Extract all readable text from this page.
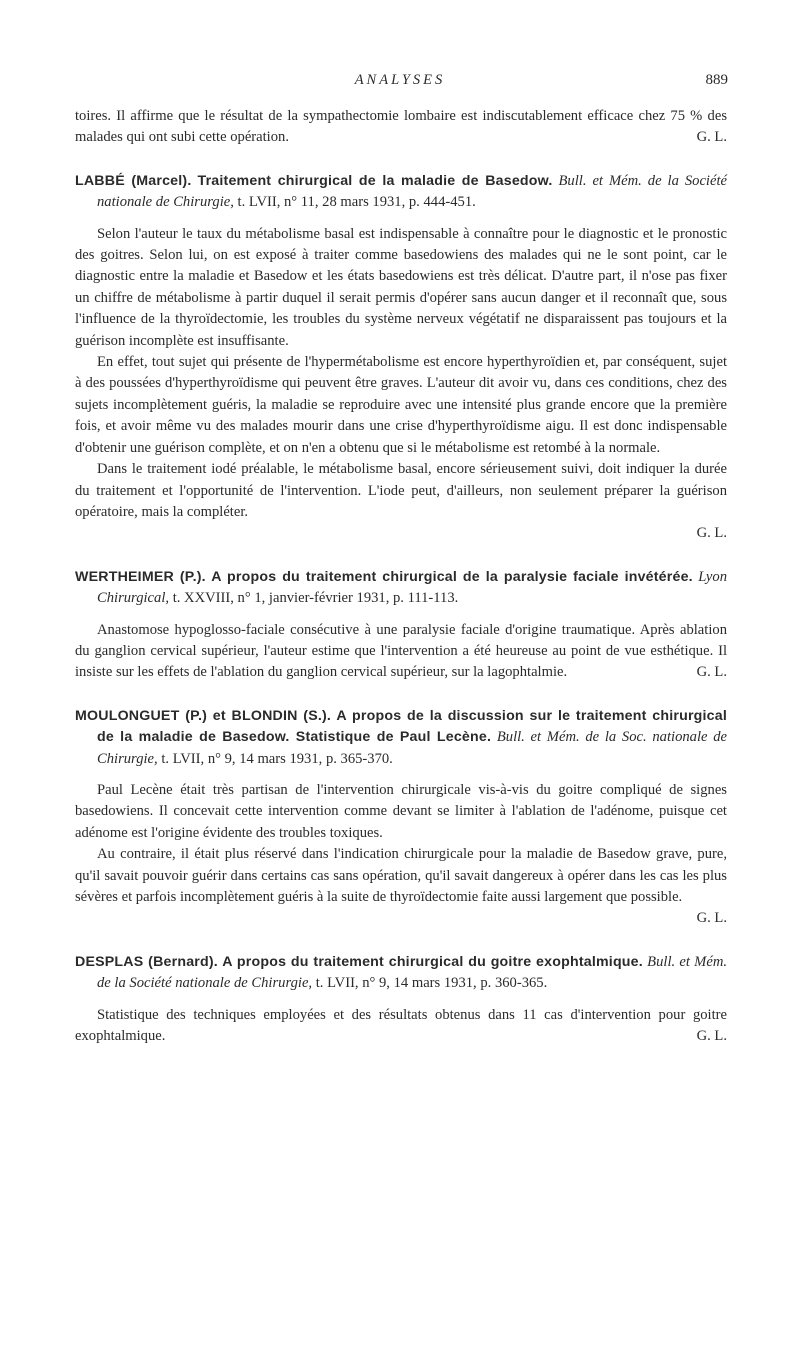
ANALYSES	889

toires. Il affirme que le résultat de la sympathectomie lombaire est indiscutablement efficace chez 75 % des malades qui ont subi cette opération.	G. L.

LABBÉ (Marcel). Traitement chirurgical de la maladie de Basedow. Bull. et Mém. de la Société nationale de Chirurgie, t. LVII, n° 11, 28 mars 1931, p. 444-451.

Selon l'auteur le taux du métabolisme basal est indispensable à connaître pour le diagnostic et le pronostic des goitres. Selon lui, on est exposé à traiter comme basedowiens des malades qui ne le sont point, car le diagnostic entre la maladie et Basedow et les états basedowiens est très délicat. D'autre part, il n'ose pas fixer un chiffre de métabolisme à partir duquel il serait permis d'opérer sans aucun danger et il reconnaît que, sous l'influence de la thyroïdectomie, les troubles du système nerveux végétatif ne disparaissent pas toujours et la guérison incomplète est insuffisante.

En effet, tout sujet qui présente de l'hypermétabolisme est encore hyperthyroïdien et, par conséquent, sujet à des poussées d'hyperthyroïdisme qui peuvent être graves. L'auteur dit avoir vu, dans ces conditions, chez des sujets incomplètement guéris, la maladie se reproduire avec une intensité plus grande encore que la première fois, et avoir même vu des malades mourir dans une crise d'hyperthyroïdisme aigu. Il est donc indispensable d'obtenir une guérison complète, et on n'en a obtenu que si le métabolisme est retombé à la normale.

Dans le traitement iodé préalable, le métabolisme basal, encore sérieusement suivi, doit indiquer la durée du traitement et l'opportunité de l'intervention. L'iode peut, d'ailleurs, non seulement préparer la guérison opératoire, mais la compléter.

G. L.

WERTHEIMER (P.). A propos du traitement chirurgical de la paralysie faciale invétérée. Lyon Chirurgical, t. XXVIII, n° 1, janvier-février 1931, p. 111-113.

Anastomose hypoglosso-faciale consécutive à une paralysie faciale d'origine traumatique. Après ablation du ganglion cervical supérieur, l'auteur estime que l'intervention a été heureuse au point de vue esthétique. Il insiste sur les effets de l'ablation du ganglion cervical supérieur, sur la lagophtalmie.	G. L.

MOULONGUET (P.) et BLONDIN (S.). A propos de la discussion sur le traitement chirurgical de la maladie de Basedow. Statistique de Paul Lecène. Bull. et Mém. de la Soc. nationale de Chirurgie, t. LVII, n° 9, 14 mars 1931, p. 365-370.

Paul Lecène était très partisan de l'intervention chirurgicale vis-à-vis du goitre compliqué de signes basedowiens. Il concevait cette intervention comme devant se limiter à l'ablation de l'adénome, puisque cet adénome est l'origine évidente des troubles toxiques.

Au contraire, il était plus réservé dans l'indication chirurgicale pour la maladie de Basedow grave, pure, qu'il savait pouvoir guérir dans certains cas sans opération, qu'il savait dangereux à opérer dans les cas les plus sévères et parfois incomplètement guéris à la suite de thyroïdectomie faite aussi largement que possible.
G. L.

DESPLAS (Bernard). A propos du traitement chirurgical du goitre exophtalmique. Bull. et Mém. de la Société nationale de Chirurgie, t. LVII, n° 9, 14 mars 1931, p. 360-365.

Statistique des techniques employées et des résultats obtenus dans 11 cas d'intervention pour goitre exophtalmique.	G. L.
